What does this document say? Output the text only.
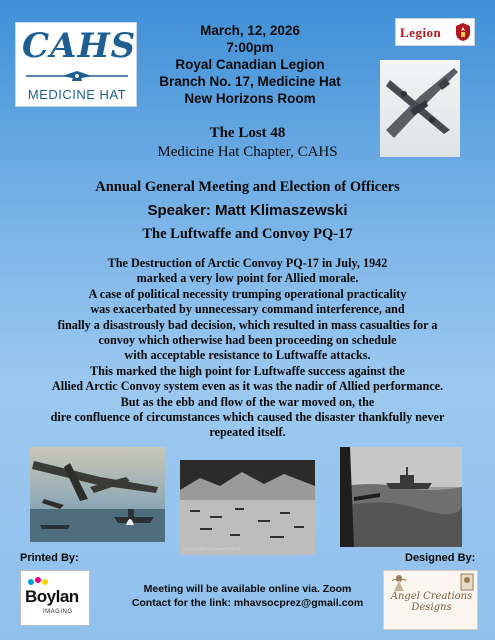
CAHS
MEDICINE HAT
Legion
March, 12, 2026
7:00pm
Royal Canadian Legion
Branch No. 17, Medicine Hat
New Horizons Room
The Lost 48
Medicine Hat Chapter, CAHS
Annual General Meeting and Election of Officers
Speaker: Matt Klimaszewski
The Luftwaffe and Convoy PQ-17
The Destruction of Arctic Convoy PQ-17 in July, 1942
marked a very low point for Allied morale.
A case of political necessity trumping operational practicality
was exacerbated by unnecessary command interference, and
finally a disastrously bad decision, which resulted in mass casualties for a
convoy which otherwise had been proceeding on schedule
with acceptable resistance to Luftwaffe attacks.
This marked the high point for Luftwaffe success against the
Allied Arctic Convoy system even as it was the nadir of Allied performance.
But as the ebb and flow of the war moved on, the
dire confluence of circumstances which caused the disaster thankfully never
repeated itself.
CONVOY PQ-17 IN HVALFJORDUR
Printed By:	Designed By:
Boylan
IMAGING
Meeting will be available online via. Zoom
Contact for the link: mhavsocprez@gmail.com
Angel Creations
Designs
